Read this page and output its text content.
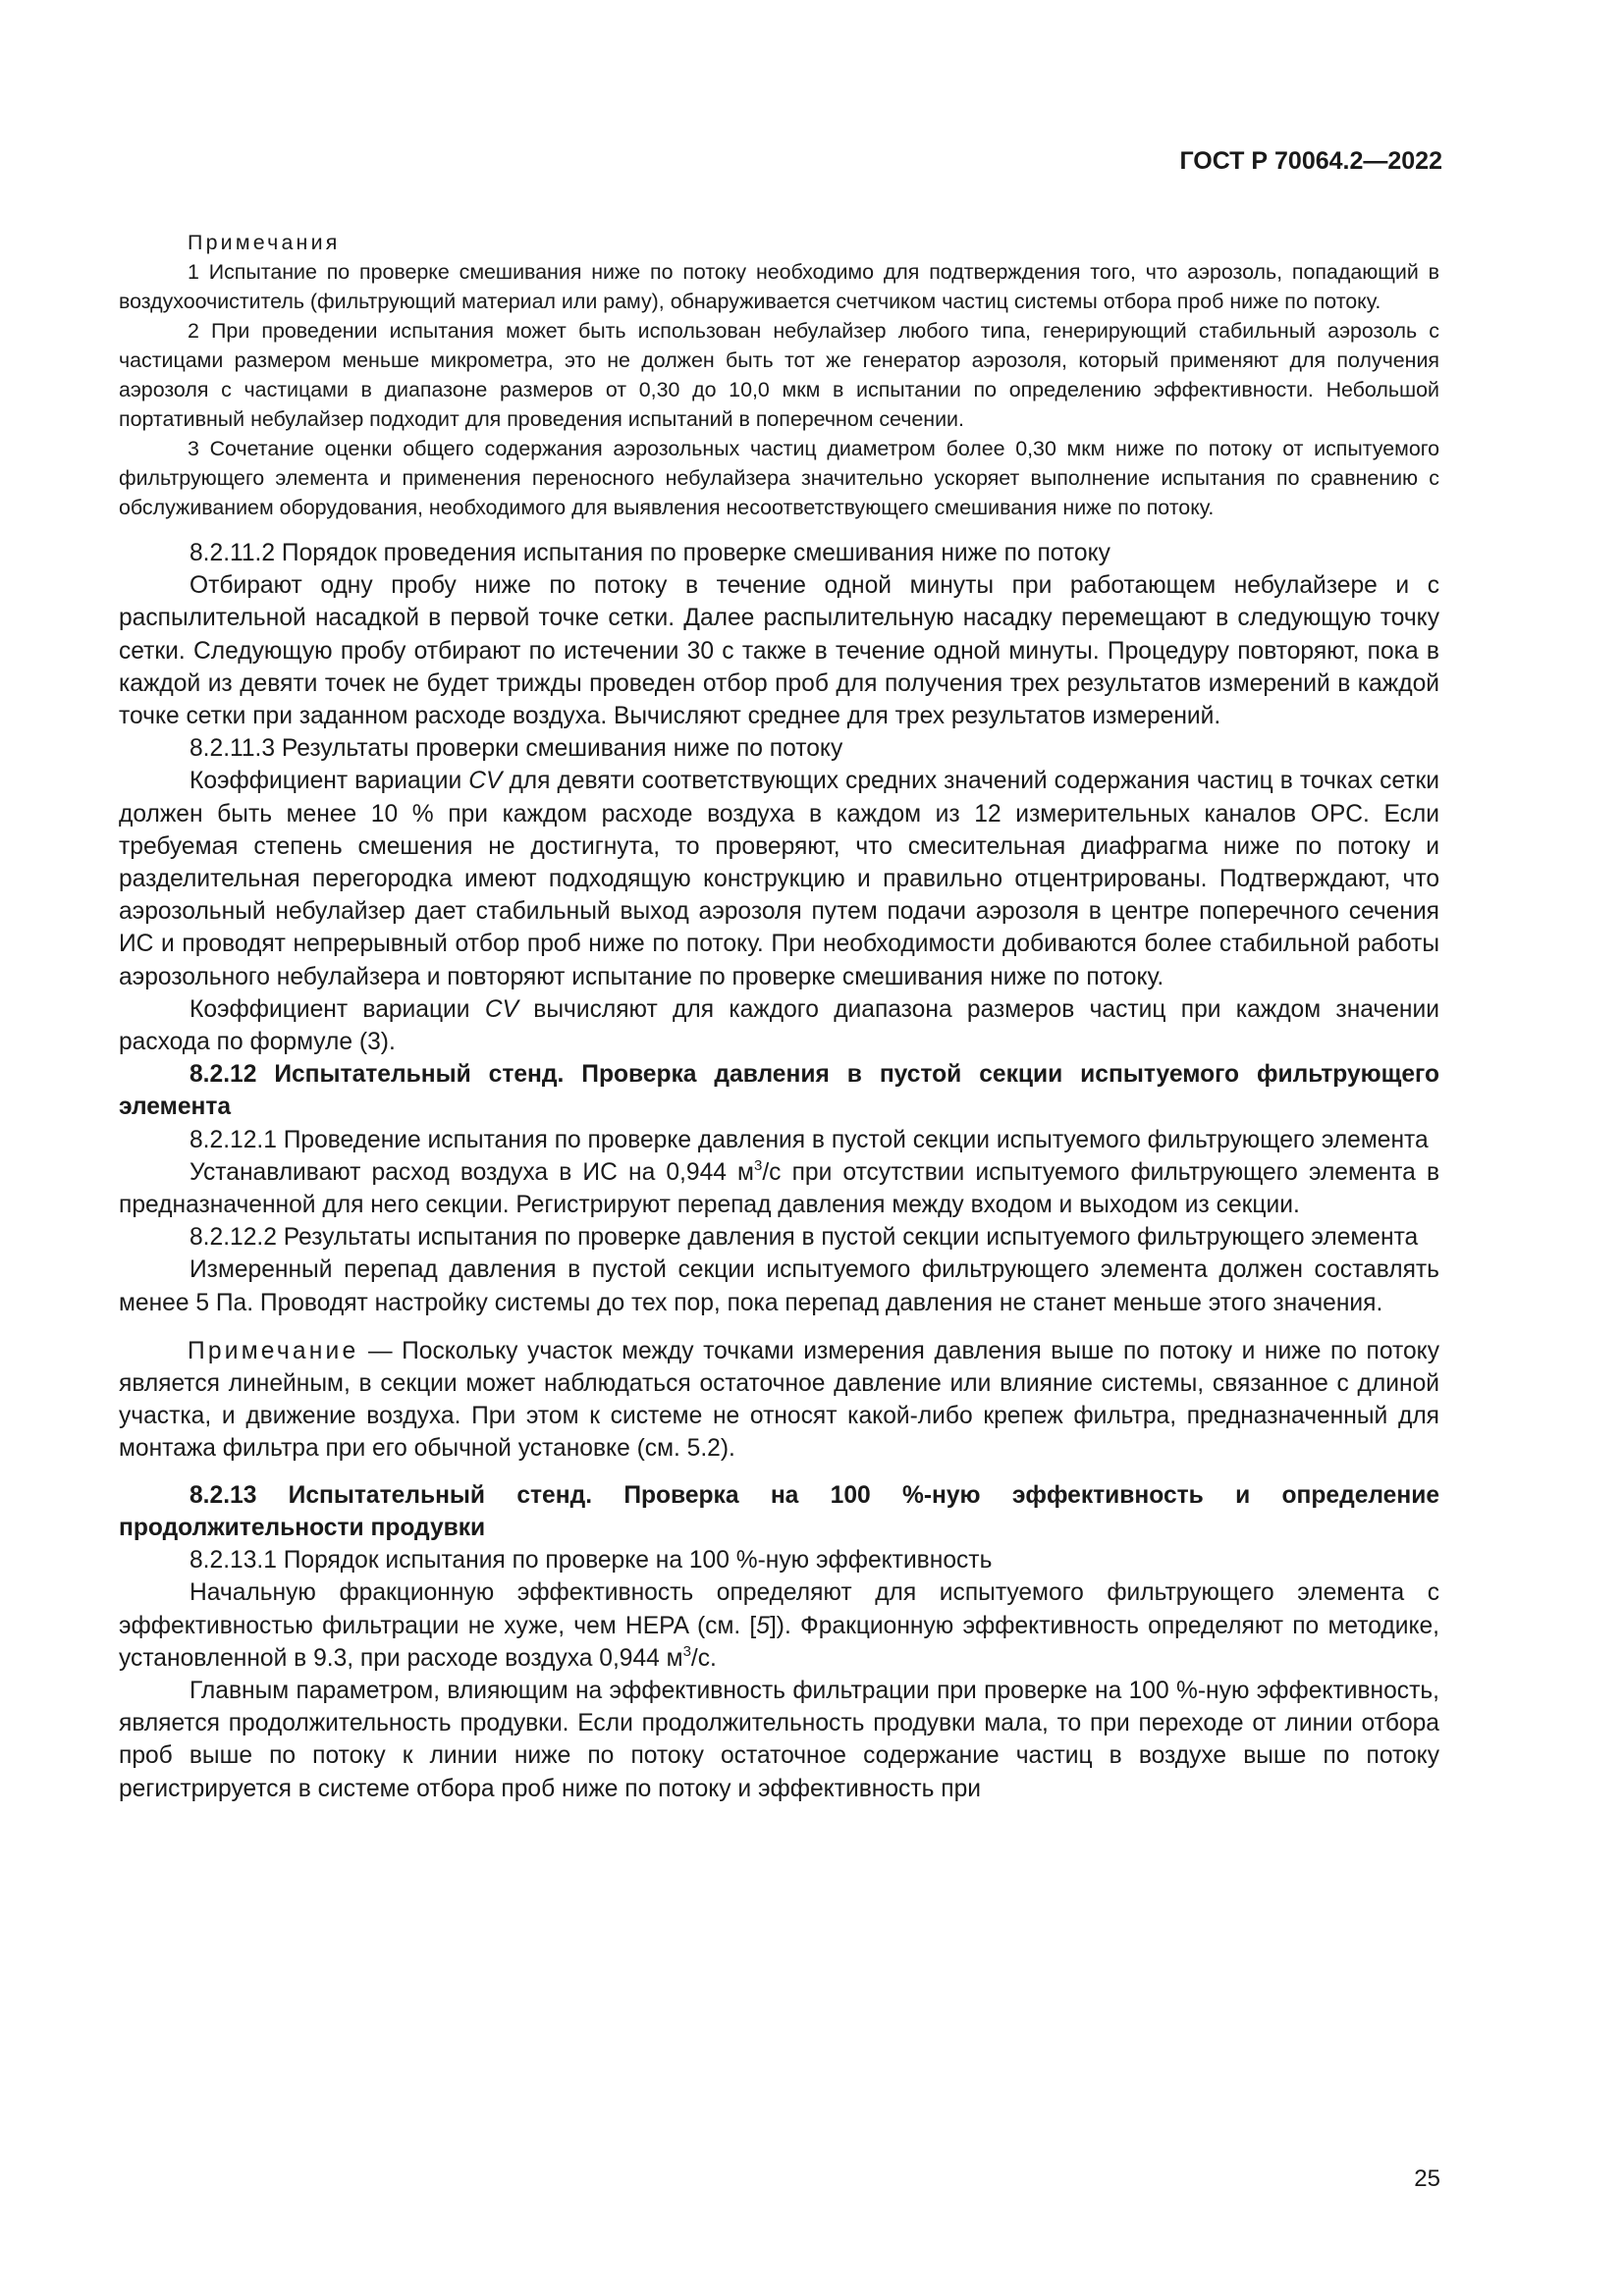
ГОСТ Р 70064.2—2022

Примечания

1 Испытание по проверке смешивания ниже по потоку необходимо для подтверждения того, что аэрозоль, попадающий в воздухоочиститель (фильтрующий материал или раму), обнаруживается счетчиком частиц системы отбора проб ниже по потоку.

2 При проведении испытания может быть использован небулайзер любого типа, генерирующий стабильный аэрозоль с частицами размером меньше микрометра, это не должен быть тот же генератор аэрозоля, который применяют для получения аэрозоля с частицами в диапазоне размеров от 0,30 до 10,0 мкм в испытании по определению эффективности. Небольшой портативный небулайзер подходит для проведения испытаний в поперечном сечении.

3 Сочетание оценки общего содержания аэрозольных частиц диаметром более 0,30 мкм ниже по потоку от испытуемого фильтрующего элемента и применения переносного небулайзера значительно ускоряет выполнение испытания по сравнению с обслуживанием оборудования, необходимого для выявления несоответствующего смешивания ниже по потоку.

8.2.11.2 Порядок проведения испытания по проверке смешивания ниже по потоку

Отбирают одну пробу ниже по потоку в течение одной минуты при работающем небулайзере и с распылительной насадкой в первой точке сетки. Далее распылительную насадку перемещают в следующую точку сетки. Следующую пробу отбирают по истечении 30 с также в течение одной минуты. Процедуру повторяют, пока в каждой из девяти точек не будет трижды проведен отбор проб для получения трех результатов измерений в каждой точке сетки при заданном расходе воздуха. Вычисляют среднее для трех результатов измерений.

8.2.11.3 Результаты проверки смешивания ниже по потоку

Коэффициент вариации CV для девяти соответствующих средних значений содержания частиц в точках сетки должен быть менее 10 % при каждом расходе воздуха в каждом из 12 измерительных каналов OPC. Если требуемая степень смешения не достигнута, то проверяют, что смесительная диафрагма ниже по потоку и разделительная перегородка имеют подходящую конструкцию и правильно отцентрированы. Подтверждают, что аэрозольный небулайзер дает стабильный выход аэрозоля путем подачи аэрозоля в центре поперечного сечения ИС и проводят непрерывный отбор проб ниже по потоку. При необходимости добиваются более стабильной работы аэрозольного небулайзера и повторяют испытание по проверке смешивания ниже по потоку.

Коэффициент вариации CV вычисляют для каждого диапазона размеров частиц при каждом значении расхода по формуле (3).

8.2.12 Испытательный стенд. Проверка давления в пустой секции испытуемого фильтрующего элемента

8.2.12.1 Проведение испытания по проверке давления в пустой секции испытуемого фильтрующего элемента

Устанавливают расход воздуха в ИС на 0,944 $м^3/с$ при отсутствии испытуемого фильтрующего элемента в предназначенной для него секции. Регистрируют перепад давления между входом и выходом из секции.

8.2.12.2 Результаты испытания по проверке давления в пустой секции испытуемого фильтрующего элемента

Измеренный перепад давления в пустой секции испытуемого фильтрующего элемента должен составлять менее 5 Па. Проводят настройку системы до тех пор, пока перепад давления не станет меньше этого значения.

Примечание — Поскольку участок между точками измерения давления выше по потоку и ниже по потоку является линейным, в секции может наблюдаться остаточное давление или влияние системы, связанное с длиной участка, и движение воздуха. При этом к системе не относят какой-либо крепеж фильтра, предназначенный для монтажа фильтра при его обычной установке (см. 5.2).

8.2.13 Испытательный стенд. Проверка на 100 %-ную эффективность и определение продолжительности продувки

8.2.13.1 Порядок испытания по проверке на 100 %-ную эффективность

Начальную фракционную эффективность определяют для испытуемого фильтрующего элемента с эффективностью фильтрации не хуже, чем HEPA (см. [5]). Фракционную эффективность определяют по методике, установленной в 9.3, при расходе воздуха 0,944 $м^3/с$.

Главным параметром, влияющим на эффективность фильтрации при проверке на 100 %-ную эффективность, является продолжительность продувки. Если продолжительность продувки мала, то при переходе от линии отбора проб выше по потоку к линии ниже по потоку остаточное содержание частиц в воздухе выше по потоку регистрируется в системе отбора проб ниже по потоку и эффективность при

25
